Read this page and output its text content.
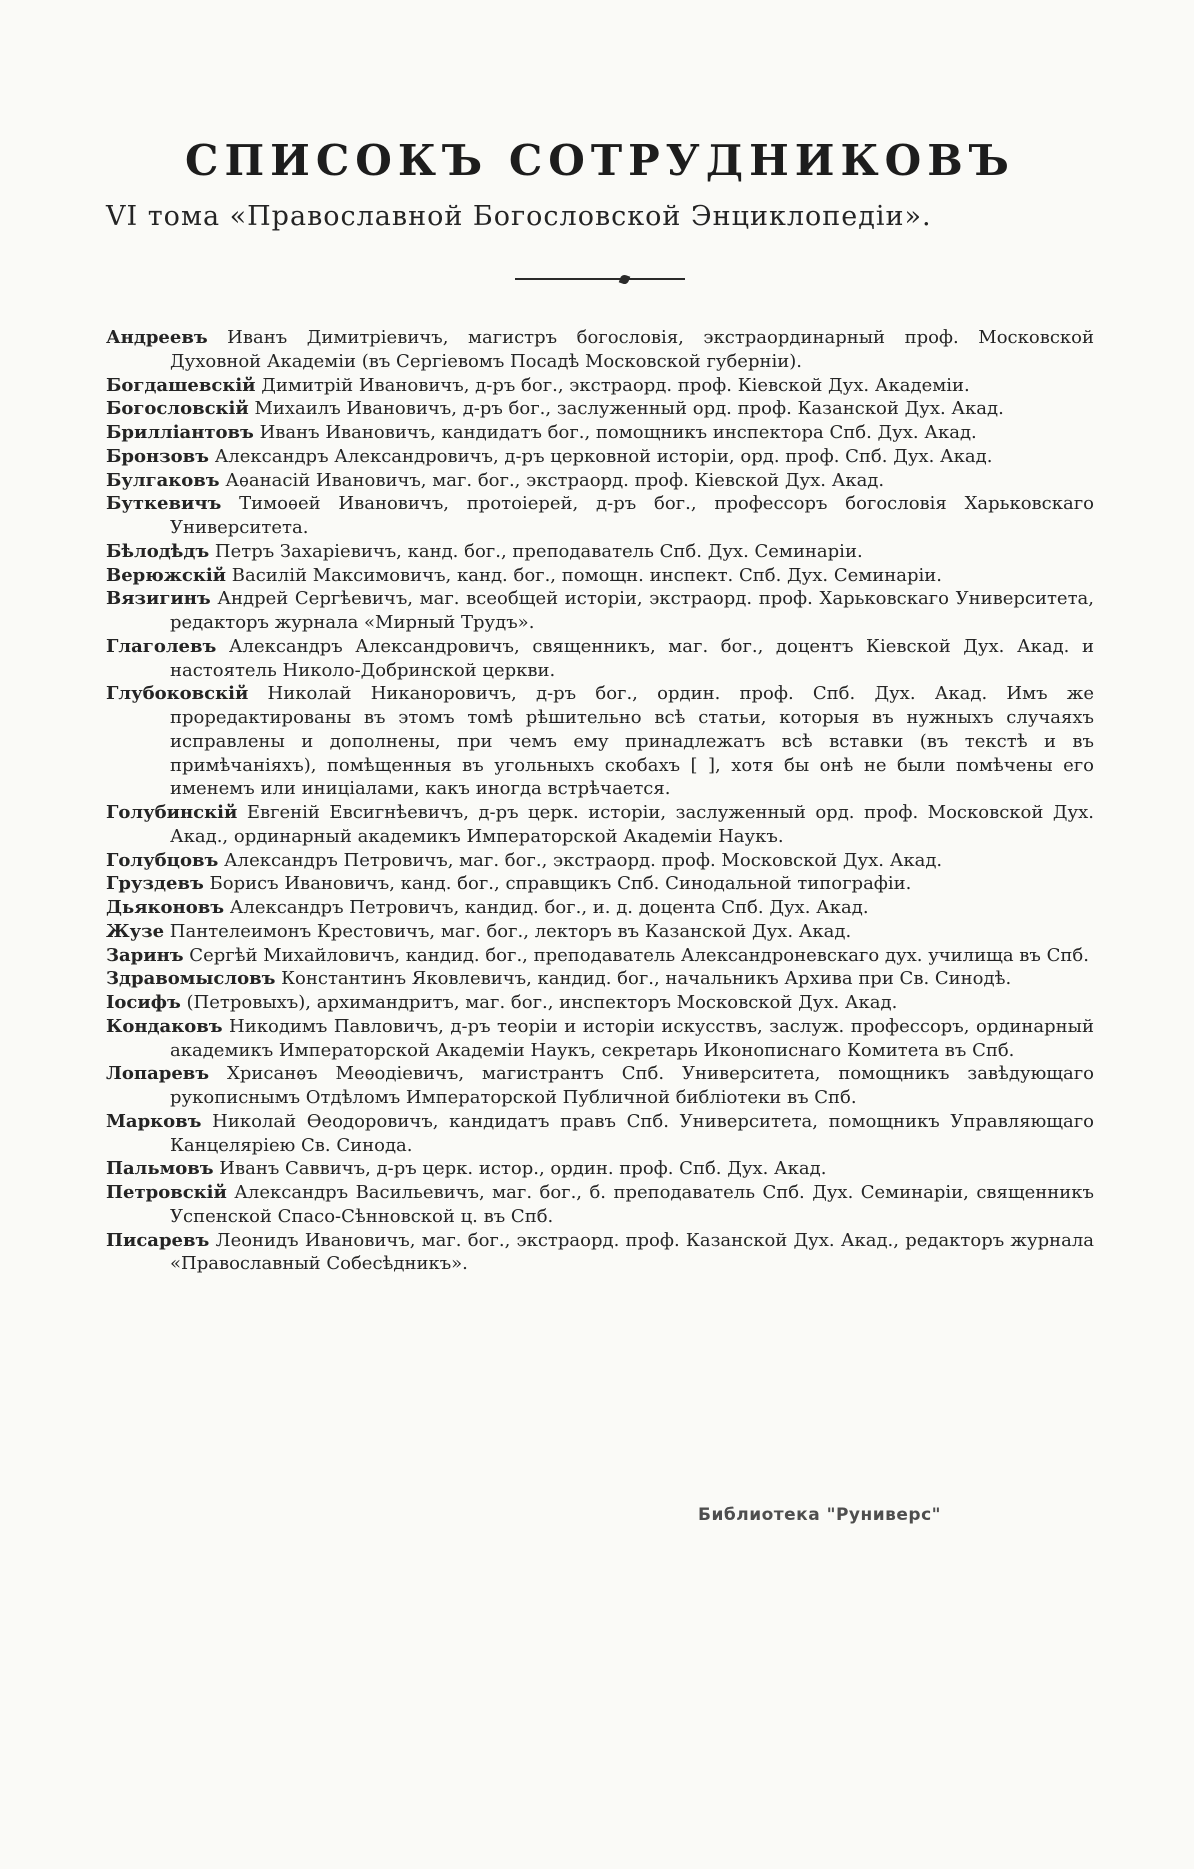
СПИСОКЪ СОТРУДНИКОВЪ
VI тома «Православной Богословской Энциклопедіи».

Андреевъ Иванъ Димитріевичъ, магистръ богословія, экстраординарный проф. Московской Духовной Академіи (въ Сергіевомъ Посадѣ Московской губерніи).

Богдашевскій Димитрій Ивановичъ, д-ръ бог., экстраорд. проф. Кіевской Дух. Академіи.

Богословскій Михаилъ Ивановичъ, д-ръ бог., заслуженный орд. проф. Казанской Дух. Акад.

Брилліантовъ Иванъ Ивановичъ, кандидатъ бог., помощникъ инспектора Спб. Дух. Акад.

Бронзовъ Александръ Александровичъ, д-ръ церковной исторіи, орд. проф. Спб. Дух. Акад.

Булгаковъ Аѳанасій Ивановичъ, маг. бог., экстраорд. проф. Кіевской Дух. Акад.

Буткевичъ Тимоѳей Ивановичъ, протоіерей, д-ръ бог., профессоръ богословія Харьковскаго Университета.

Бѣлодѣдъ Петръ Захаріевичъ, канд. бог., преподаватель Спб. Дух. Семинаріи.

Верюжскій Василій Максимовичъ, канд. бог., помощн. инспект. Спб. Дух. Семинаріи.

Вязигинъ Андрей Сергѣевичъ, маг. всеобщей исторіи, экстраорд. проф. Харьковскаго Университета, редакторъ журнала «Мирный Трудъ».

Глаголевъ Александръ Александровичъ, священникъ, маг. бог., доцентъ Кіевской Дух. Акад. и настоятель Николо-Добринской церкви.

Глубоковскій Николай Никаноровичъ, д-ръ бог., ордин. проф. Спб. Дух. Акад. Имъ же проредактированы въ этомъ томѣ рѣшительно всѣ статьи, которыя въ нужныхъ случаяхъ исправлены и дополнены, при чемъ ему принадлежатъ всѣ вставки (въ текстѣ и въ примѣчаніяхъ), помѣщенныя въ угольныхъ скобахъ [ ], хотя бы онѣ не были помѣчены его именемъ или иниціалами, какъ иногда встрѣчается.

Голубинскій Евгеній Евсигнѣевичъ, д-ръ церк. исторіи, заслуженный орд. проф. Московской Дух. Акад., ординарный академикъ Императорской Академіи Наукъ.

Голубцовъ Александръ Петровичъ, маг. бог., экстраорд. проф. Московской Дух. Акад.

Груздевъ Борисъ Ивановичъ, канд. бог., справщикъ Спб. Синодальной типографіи.

Дьяконовъ Александръ Петровичъ, кандид. бог., и. д. доцента Спб. Дух. Акад.

Жузе Пантелеимонъ Крестовичъ, маг. бог., лекторъ въ Казанской Дух. Акад.

Заринъ Сергѣй Михайловичъ, кандид. бог., преподаватель Александроневскаго дух. училища въ Спб.

Здравомысловъ Константинъ Яковлевичъ, кандид. бог., начальникъ Архива при Св. Синодѣ.

Іосифъ (Петровыхъ), архимандритъ, маг. бог., инспекторъ Московской Дух. Акад.

Кондаковъ Никодимъ Павловичъ, д-ръ теоріи и исторіи искусствъ, заслуж. профессоръ, ординарный академикъ Императорской Академіи Наукъ, секретарь Иконописнаго Комитета въ Спб.

Лопаревъ Хрисанѳъ Меѳодіевичъ, магистрантъ Спб. Университета, помощникъ завѣдующаго рукописнымъ Отдѣломъ Императорской Публичной библіотеки въ Спб.

Марковъ Николай Ѳеодоровичъ, кандидатъ правъ Спб. Университета, помощникъ Управляющаго Канцеляріею Св. Синода.

Пальмовъ Иванъ Саввичъ, д-ръ церк. истор., ордин. проф. Спб. Дух. Акад.

Петровскій Александръ Васильевичъ, маг. бог., б. преподаватель Спб. Дух. Семинаріи, священникъ Успенской Спасо-Сѣнновской ц. въ Спб.

Писаревъ Леонидъ Ивановичъ, маг. бог., экстраорд. проф. Казанской Дух. Акад., редакторъ журнала «Православный Собесѣдникъ».

Библиотека "Руниверс"
